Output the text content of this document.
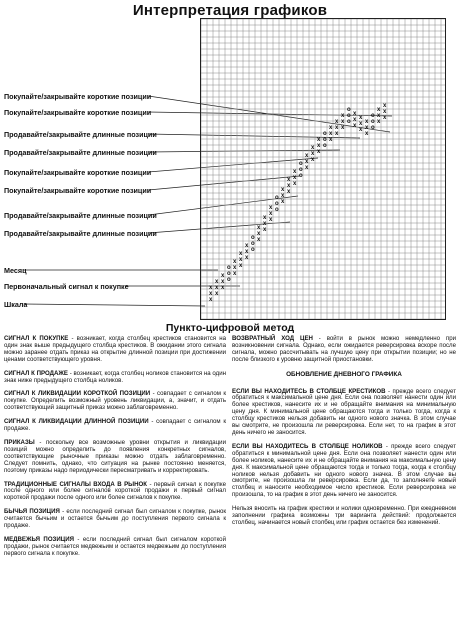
Интерпретация графиков
x
x
x
x
x
x
x
x
x
o
o
o
x
x
x
x
x
x
x
x
x
o
o
o
x
x
x
x
x
x
x
x
x
o
o
o
x
x
x
x
x
x
x
x
x
o
o
o
x
x
x
x
x
x
x
x
x
o
o
o
x
x
x
x
x
x
x
x
x
o
o
o
x
x
x
x
x
x
x
x
x
o
o
o
x
x
x
x
x
x
Покупайте/закрывайте короткие позиции
Покупайте/закрывайте короткие позиции
Продавайте/закрывайте длинные позиции
Продавайте/закрывайте длинные позиции
Покупайте/закрывайте короткие позиции
Покупайте/закрывайте короткие позиции
Продавайте/закрывайте длинные позиции
Продавайте/закрывайте длинные позиции
Месяц
Первоначальный сигнал к покупке
Шкала
Пункто-цифровой метод
СИГНАЛ К ПОКУПКЕ - возникает, когда столбец крестиков становится на один знак выше предыдущего столбца крестиков. В ожидании этого сигнала можно заранее отдать приказ на открытие длинной позиции при достижении ценами соответствующего уровня.
СИГНАЛ К ПРОДАЖЕ - возникает, когда столбец ноликов становится на один знак ниже предыдущего столбца ноликов.
СИГНАЛ К ЛИКВИДАЦИИ КОРОТКОЙ ПОЗИЦИИ - совпадает с сигналом к покупке. Определить возможный уровень ликвидации, а, значит, и отдать соответствующий защитный приказ можно заблаговременно.
СИГНАЛ К ЛИКВИДАЦИИ ДЛИННОЙ ПОЗИЦИИ - совпадает с сигналом к продаже.
ПРИКАЗЫ - поскольку все возможные уровни открытия и ликвидации позиций можно определить до появления конкретных сигналов, соответствующие рыночные приказы можно отдать заблаговременно. Следует помнить, однако, что ситуация на рынке постоянно меняется, поэтому приказы надо периодически пересматривать и корректировать.
ТРАДИЦИОННЫЕ СИГНАЛЫ ВХОДА В РЫНОК - первый сигнал к покупке после одного или более сигналов короткой продажи и первый сигнал короткой продажи после одного или более сигналов к покупке.
БЫЧЬЯ ПОЗИЦИЯ - если последний сигнал был сигналом к покупке, рынок считается бычьим и остается бычьим до поступления первого сигнала к продаже.
МЕДВЕЖЬЯ ПОЗИЦИЯ - если последний сигнал был сигналом короткой продажи, рынок считается медвежьим и остается медвежьим до поступления первого сигнала к покупке.
ВОЗВРАТНЫЙ ХОД ЦЕН - войти в рынок можно немедленно при возникновении сигнала. Однако, если ожидается реверсировка вскоре после сигнала, можно рассчитывать на лучшую цену при открытии позиции; но не после близкого к уровню защитной приостановки.
ОБНОВЛЕНИЕ ДНЕВНОГО ГРАФИКА
ЕСЛИ ВЫ НАХОДИТЕСЬ В СТОЛБЦЕ КРЕСТИКОВ - прежде всего следует обратиться к максимальной цене дня. Если она позволяет нанести один или более крестиков, нанесите их и не обращайте внимания на минимальную цену дня. К минимальной цене обращаются тогда и только тогда, когда к столбцу крестиков нельзя добавить ни одного нового значка. В этом случае вы смотрите, не произошла ли реверсировка. Если нет, то на график в этот день ничего не заносится.
ЕСЛИ ВЫ НАХОДИТЕСЬ В СТОЛБЦЕ НОЛИКОВ - прежде всего следует обратиться к минимальной цене дня. Если она позволяет нанести один или более ноликов, нанесите их и не обращайте внимания на максимальную цену дня. К максимальной цене обращаются тогда и только тогда, когда к столбцу ноликов нельзя добавить ни одного нового значка. В этом случае вы смотрите, не произошла ли реверсировка. Если да, то заполняете новый столбец и наносите необходимое число крестиков. Если реверсировка не произошла, то на график в этот день ничего не заносится.
Нельзя вносить на график крестики и нолики одновременно. При ежедневном заполнении графика возможны три варианта действий: продолжается столбец, начинается новый столбец или график остается без изменений.
